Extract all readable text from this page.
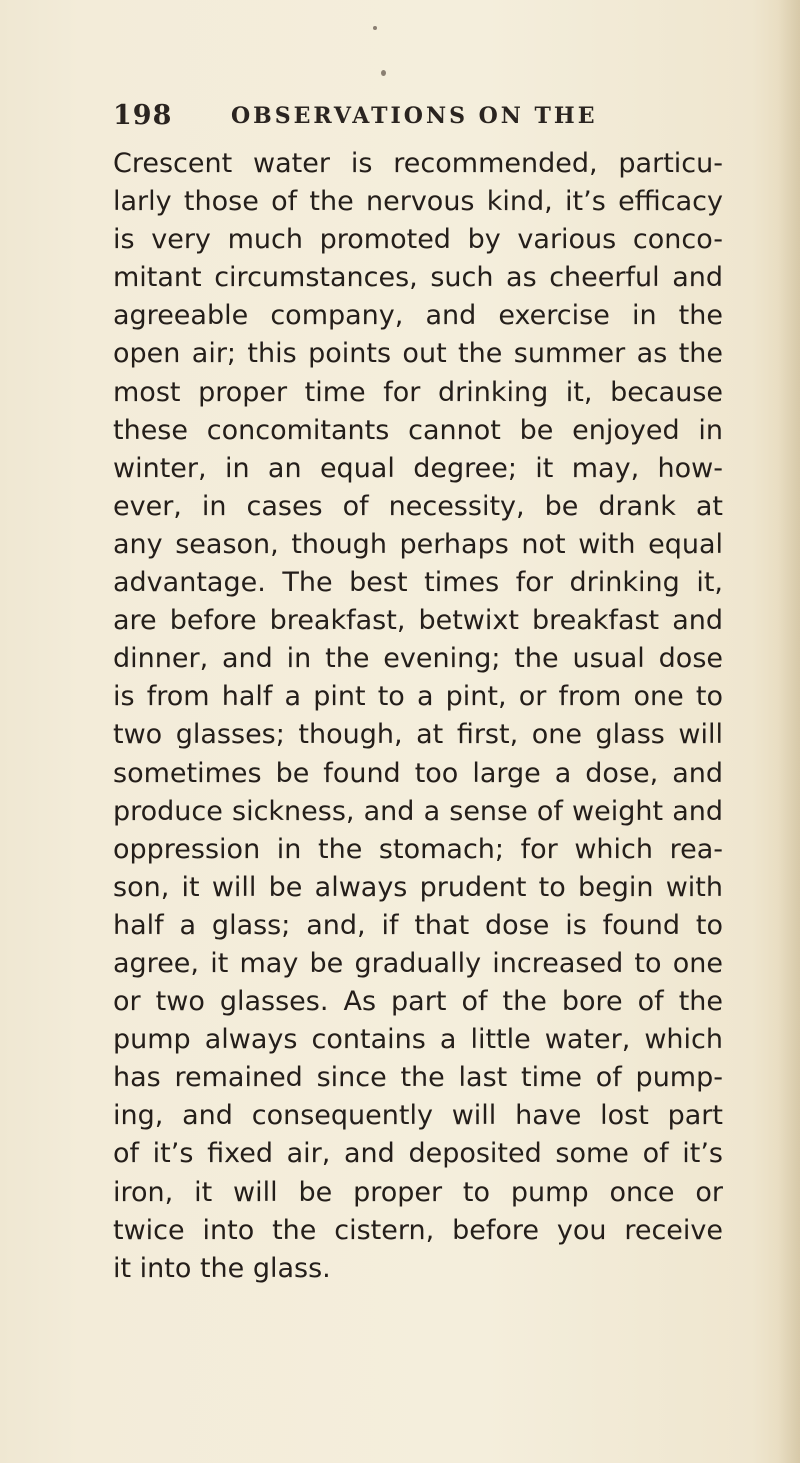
198	OBSERVATIONS ON THE
Crescent water is recommended, particu-
larly those of the nervous kind, it’s efficacy
is very much promoted by various conco-
mitant circumstances, such as cheerful and
agreeable company, and exercise in the
open air; this points out the summer as the
most proper time for drinking it, because
these concomitants cannot be enjoyed in
winter, in an equal degree; it may, how-
ever, in cases of necessity, be drank at
any season, though perhaps not with equal
advantage. The best times for drinking it,
are before breakfast, betwixt breakfast and
dinner, and in the evening; the usual dose
is from half a pint to a pint, or from one to
two glasses; though, at first, one glass will
sometimes be found too large a dose, and
produce sickness, and a sense of weight and
oppression in the stomach; for which rea-
son, it will be always prudent to begin with
half a glass; and, if that dose is found to
agree, it may be gradually increased to one
or two glasses. As part of the bore of the
pump always contains a little water, which
has remained since the last time of pump-
ing, and consequently will have lost part
of it’s fixed air, and deposited some of it’s
iron, it will be proper to pump once or
twice into the cistern, before you receive
it into the glass.
